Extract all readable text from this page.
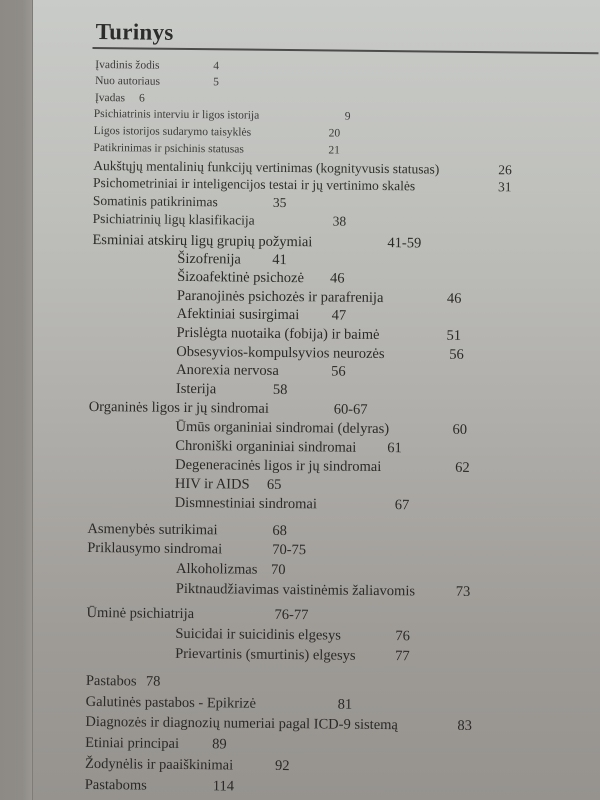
Turinys
Įvadinis žodis	4
Nuo autoriaus	5
Įvadas 6
Psichiatrinis interviu ir ligos istorija	9
Ligos istorijos sudarymo taisyklės	20
Patikrinimas ir psichinis statusas	21
Aukštųjų mentalinių funkcijų vertinimas (kognityvusis statusas)	26
Psichometriniai ir inteligencijos testai ir jų vertinimo skalės	31
Somatinis patikrinimas	35
Psichiatrinių ligų klasifikacija	38
Esminiai atskirų ligų grupių požymiai	41-59
Šizofrenija 41
Šizoafektinė psichozė 46
Paranojinės psichozės ir parafrenija	46
Afektiniai susirgimai 47
Prislėgta nuotaika (fobija) ir baimė	51
Obsesyvios-kompulsyvios neurozės	56
Anorexia nervosa	56
Isterija	58
Organinės ligos ir jų sindromai	60-67
Ūmūs organiniai sindromai (delyras)	60
Chroniški organiniai sindromai 61
Degeneracinės ligos ir jų sindromai	62
HIV ir AIDS 65
Dismnestiniai sindromai	67
Asmenybės sutrikimai	68
Priklausymo sindromai	70-75
Alkoholizmas 70
Piktnaudžiavimas vaistinėmis žaliavomis	73
Ūminė psichiatrija	76-77
Suicidai ir suicidinis elgesys	76
Prievartinis (smurtinis) elgesys	77
Pastabos 78
Galutinės pastabos - Epikrizė	81
Diagnozės ir diagnozių numeriai pagal ICD-9 sistemą	83
Etiniai principai 89
Žodynėlis ir paaiškinimai	92
Pastaboms	114
